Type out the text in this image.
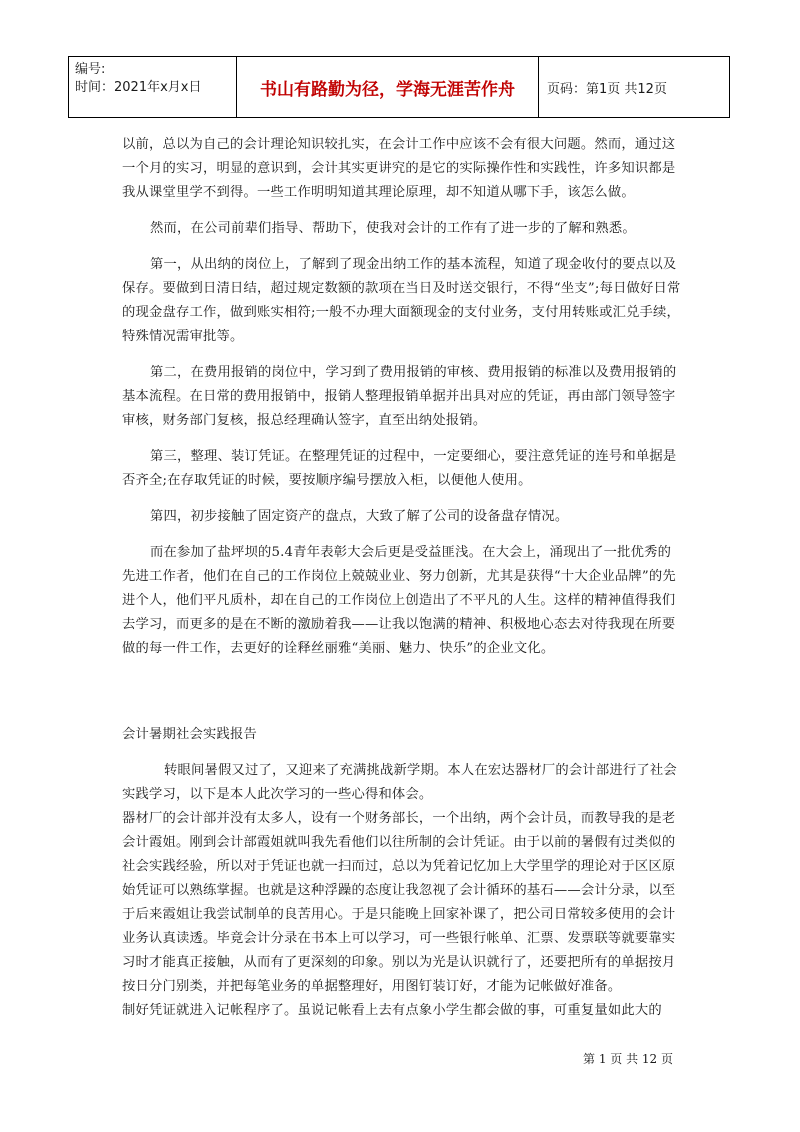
编号:
时间：2021年x月x日	书山有路勤为径，学海无涯苦作舟	页码：第1页 共12页

以前，总以为自己的会计理论知识较扎实，在会计工作中应该不会有很大问题。然而，通过这一个月的实习，明显的意识到，会计其实更讲究的是它的实际操作性和实践性，许多知识都是我从课堂里学不到得。一些工作明明知道其理论原理，却不知道从哪下手，该怎么做。

然而，在公司前辈们指导、帮助下，使我对会计的工作有了进一步的了解和熟悉。

第一，从出纳的岗位上，了解到了现金出纳工作的基本流程，知道了现金收付的要点以及保存。要做到日清日结，超过规定数额的款项在当日及时送交银行，不得“坐支”;每日做好日常的现金盘存工作，做到账实相符;一般不办理大面额现金的支付业务，支付用转账或汇兑手续，特殊情况需审批等。

第二，在费用报销的岗位中，学习到了费用报销的审核、费用报销的标准以及费用报销的基本流程。在日常的费用报销中，报销人整理报销单据并出具对应的凭证，再由部门领导签字审核，财务部门复核，报总经理确认签字，直至出纳处报销。

第三，整理、装订凭证。在整理凭证的过程中，一定要细心，要注意凭证的连号和单据是否齐全;在存取凭证的时候，要按顺序编号摆放入柜，以便他人使用。

第四，初步接触了固定资产的盘点，大致了解了公司的设备盘存情况。

而在参加了盐坪坝的5.4青年表彰大会后更是受益匪浅。在大会上，涌现出了一批优秀的先进工作者，他们在自己的工作岗位上兢兢业业、努力创新，尤其是获得“十大企业品牌”的先进个人，他们平凡质朴，却在自己的工作岗位上创造出了不平凡的人生。这样的精神值得我们去学习，而更多的是在不断的激励着我——让我以饱满的精神、积极地心态去对待我现在所要做的每一件工作，去更好的诠释丝丽雅“美丽、魅力、快乐”的企业文化。

会计暑期社会实践报告

转眼间暑假又过了，又迎来了充满挑战新学期。本人在宏达器材厂的会计部进行了社会实践学习，以下是本人此次学习的一些心得和体会。

器材厂的会计部并没有太多人，设有一个财务部长，一个出纳，两个会计员，而教导我的是老会计霞姐。刚到会计部霞姐就叫我先看他们以往所制的会计凭证。由于以前的暑假有过类似的社会实践经验，所以对于凭证也就一扫而过，总以为凭着记忆加上大学里学的理论对于区区原始凭证可以熟练掌握。也就是这种浮躁的态度让我忽视了会计循环的基石——会计分录，以至于后来霞姐让我尝试制单的良苦用心。于是只能晚上回家补课了，把公司日常较多使用的会计业务认真读透。毕竟会计分录在书本上可以学习，可一些银行帐单、汇票、发票联等就要靠实习时才能真正接触，从而有了更深刻的印象。别以为光是认识就行了，还要把所有的单据按月按日分门别类，并把每笔业务的单据整理好，用图钉装订好，才能为记帐做好准备。

制好凭证就进入记帐程序了。虽说记帐看上去有点象小学生都会做的事，可重复量如此大的

第 1 页 共 12 页
